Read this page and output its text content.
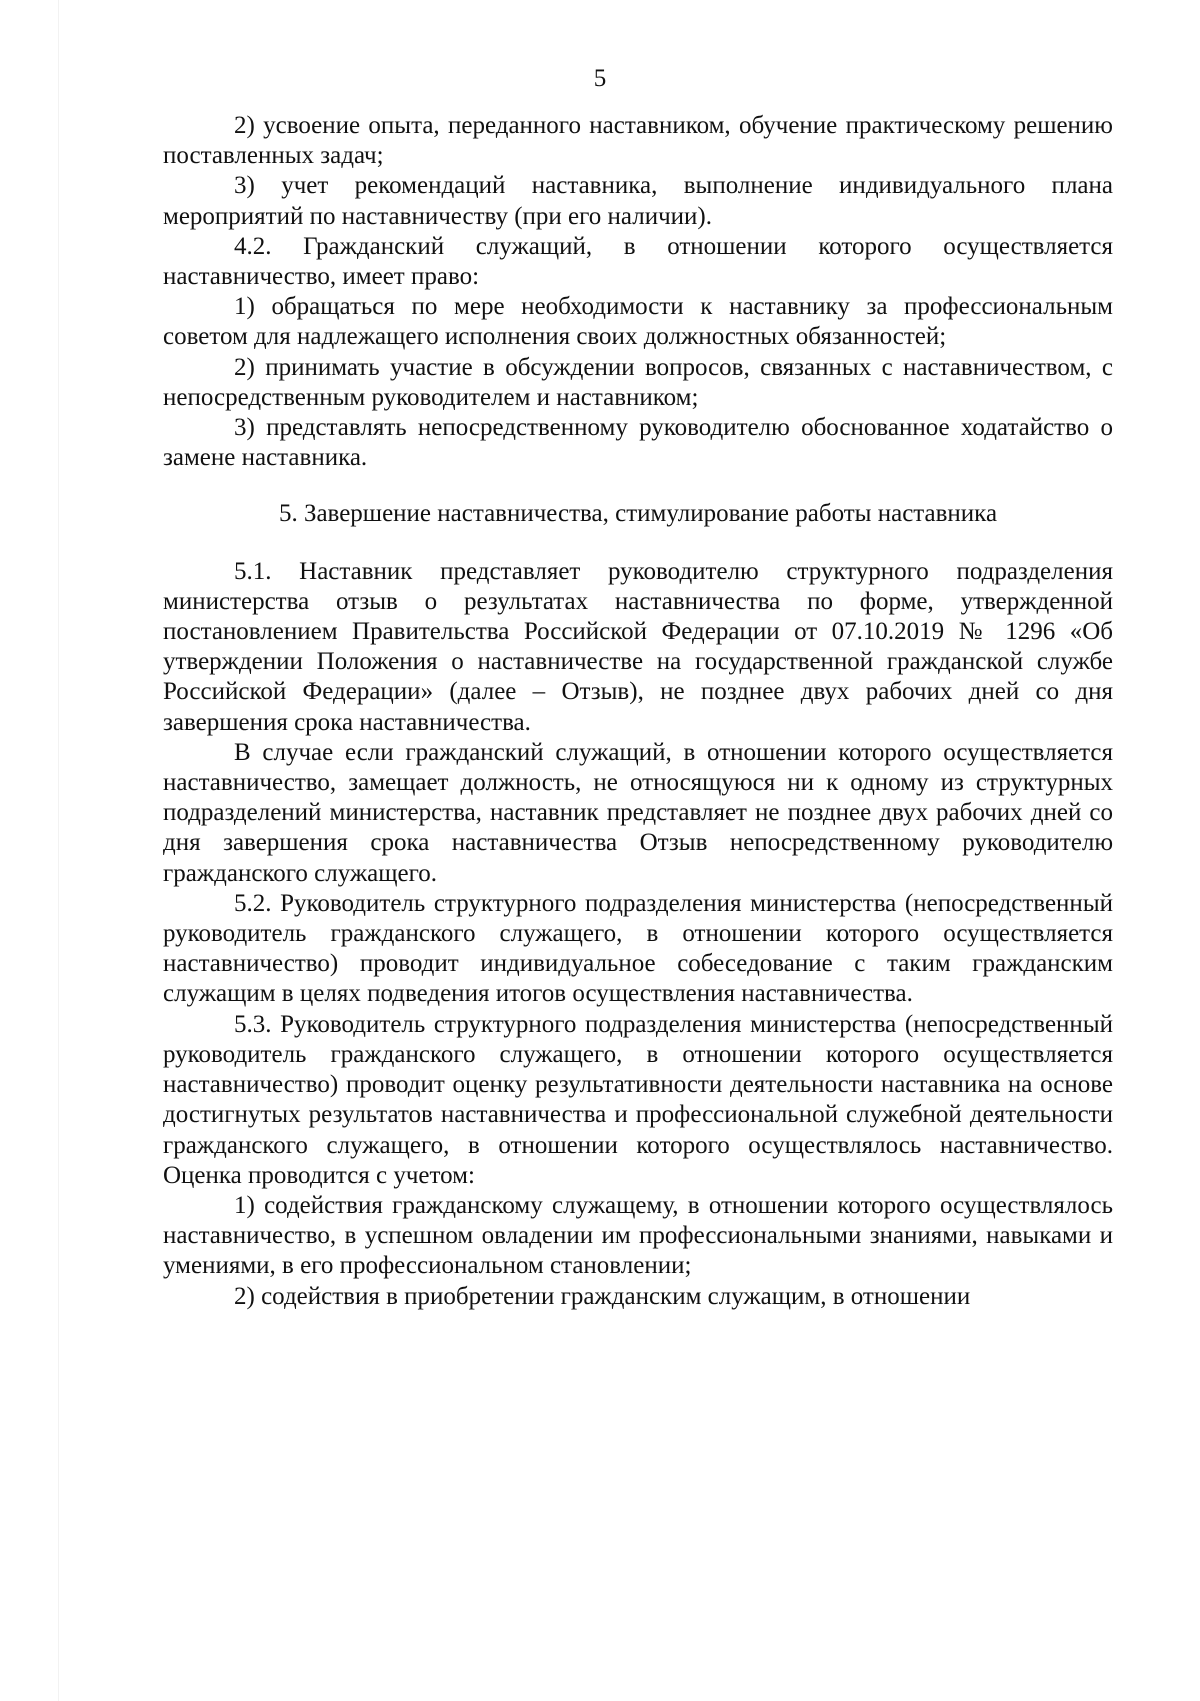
5

2) усвоение опыта, переданного наставником, обучение практическому решению поставленных задач;

3) учет рекомендаций наставника, выполнение индивидуального плана мероприятий по наставничеству (при его наличии).

4.2. Гражданский служащий, в отношении которого осуществляется наставничество, имеет право:

1) обращаться по мере необходимости к наставнику за профессиональным советом для надлежащего исполнения своих должностных обязанностей;

2) принимать участие в обсуждении вопросов, связанных с наставничеством, с непосредственным руководителем и наставником;

3) представлять непосредственному руководителю обоснованное ходатайство о замене наставника.

5. Завершение наставничества, стимулирование работы наставника

5.1. Наставник представляет руководителю структурного подразделения министерства отзыв о результатах наставничества по форме, утвержденной постановлением Правительства Российской Федерации от 07.10.2019 № 1296 «Об утверждении Положения о наставничестве на государственной гражданской службе Российской Федерации» (далее – Отзыв), не позднее двух рабочих дней со дня завершения срока наставничества.

В случае если гражданский служащий, в отношении которого осуществляется наставничество, замещает должность, не относящуюся ни к одному из структурных подразделений министерства, наставник представляет не позднее двух рабочих дней со дня завершения срока наставничества Отзыв непосредственному руководителю гражданского служащего.

5.2. Руководитель структурного подразделения министерства (непосредственный руководитель гражданского служащего, в отношении которого осуществляется наставничество) проводит индивидуальное собеседование с таким гражданским служащим в целях подведения итогов осуществления наставничества.

5.3. Руководитель структурного подразделения министерства (непосредственный руководитель гражданского служащего, в отношении которого осуществляется наставничество) проводит оценку результативности деятельности наставника на основе достигнутых результатов наставничества и профессиональной служебной деятельности гражданского служащего, в отношении которого осуществлялось наставничество. Оценка проводится с учетом:

1) содействия гражданскому служащему, в отношении которого осуществлялось наставничество, в успешном овладении им профессиональными знаниями, навыками и умениями, в его профессиональном становлении;

2) содействия в приобретении гражданским служащим, в отношении
